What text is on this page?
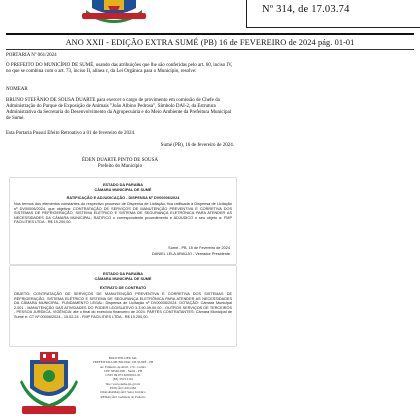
Nº 314, de 17.03.74
ANO XXII - EDIÇÃO EXTRA SUMÉ (PB) 16 de FEVEREIRO de 2024 pág. 01-01
PORTARIA Nº 061/2024
O PREFEITO DO MUNICÍPIO DE SUMÉ, usando das atribuições que lhe são conferidas pelo art. 60, inciso IV, no que se combina com o art. 73, inciso II, alínea c, da Lei Orgânica para o Município, resolve:
NOMEAR
BRUNO STEFÂNIO DE SOUSA DUARTE para exercer o cargo de provimento em comissão de Chefe da Administração do Parque de Exposição de Animais "João Albino Pedrosa", Símbolo DAI-2, da Estrutura Administrativa da Secretaria do Desenvolvimento da Agropecuária e do Meio Ambiente da Prefeitura Municipal de Sumé.
Esta Portaria Possui Efeito Retroativo a 01 de fevereiro de 2024.
Sumé (PB), 16 de fevereiro de 2024.
ÉDEN DUARTE PINTO DE SOUSA
Prefeito do Município
ESTADO DA PARAÍBA
CÂMARA MUNICIPAL DE SUMÉ
RATIFICAÇÃO E ADJUDICAÇÃO - DISPENSA Nº DV00006/2024
Nos termos dos elementos constantes do respectivo processo de Dispensa de Licitação, fica ratificada a Dispensa de Licitação nº DV00006/2024, que objetiva: CONTRATAÇÃO DE SERVIÇOS DE MANUTENÇÃO PREVENTIVA E CORRETIVA DOS SISTEMAS DE REFRIGERAÇÃO, SISTEMA ELÉTRICO E SISTEMA DE SEGURANÇA ELETRÔNICA PARA ATENDER AS NECESSIDADES DA CÂMARA MUNICIPAL; RATIFICO o correspondente procedimento e ADJUDICO o seu objeto a: FMP FACILITIES LTDA - R$ 19.200,00.
Sumé - PB, 15 de Fevereiro de 2024
DANIEL LELA ARAÚJO - Vereador Presidente
ESTADO DA PARAÍBA
CÂMARA MUNICIPAL DE SUMÉ
EXTRATO DE CONTRATO
OBJETO: CONTRATAÇÃO DE SERVIÇOS DE MANUTENÇÃO PREVENTIVA E CORRETIVA DOS SISTEMAS DE REFRIGERAÇÃO, SISTEMA ELÉTRICO E SISTEMA DE SEGURANÇA ELETRÔNICA PARA ATENDER AS NECESSIDADES DA CÂMARA MUNICIPAL. FUNDAMENTO LEGAL: Dispensa de Licitação nº DV00006/2024. DOTAÇÃO: Câmara Municipal 2.001 - MANUTENÇÃO DAS ATIVIDADES DO PODER LEGISLATIVO 3.3.90.39.00.00 - OUTROS SERVIÇOS DE TERCEIROS - PESSOA JURÍDICA. VIGÊNCIA: até o final do exercício financeiro de 2024. PARTES CONTRATANTES: Câmara Municipal de Sumé e: CT Nº 00006/2024 - 15.02.24 - FMP FACILITIES LTDA - R$ 19.200,00.
BOLETIM OFICIAL
PREFEITURA MUNICIPAL DE SUMÉ - PB
Av. Primeiro de Abril, 170 - Centro
CEP 58540-000 - Sumé - PB
CNPJ 09.073.628/0001-91
(83) 3353-1191
Site: www.sume.pb.gov.br
EDIÇÃO: ASCOM
DIAGRAMAÇÃO: Setor Jurídico
REDAÇÃO: Gabinete do Prefeito
